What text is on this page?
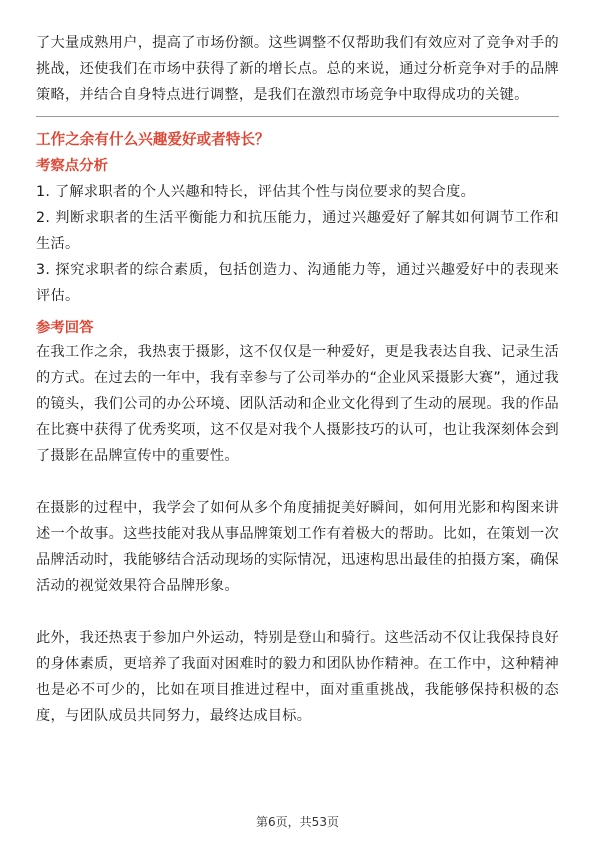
了大量成熟用户，提高了市场份额。这些调整不仅帮助我们有效应对了竞争对手的挑战，还使我们在市场中获得了新的增长点。总的来说，通过分析竞争对手的品牌策略，并结合自身特点进行调整，是我们在激烈市场竞争中取得成功的关键。

工作之余有什么兴趣爱好或者特长？
考察点分析
1. 了解求职者的个人兴趣和特长，评估其个性与岗位要求的契合度。
2. 判断求职者的生活平衡能力和抗压能力，通过兴趣爱好了解其如何调节工作和生活。
3. 探究求职者的综合素质，包括创造力、沟通能力等，通过兴趣爱好中的表现来评估。
参考回答

在我工作之余，我热衷于摄影，这不仅仅是一种爱好，更是我表达自我、记录生活的方式。在过去的一年中，我有幸参与了公司举办的“企业风采摄影大赛”，通过我的镜头，我们公司的办公环境、团队活动和企业文化得到了生动的展现。我的作品在比赛中获得了优秀奖项，这不仅是对我个人摄影技巧的认可，也让我深刻体会到了摄影在品牌宣传中的重要性。

在摄影的过程中，我学会了如何从多个角度捕捉美好瞬间，如何用光影和构图来讲述一个故事。这些技能对我从事品牌策划工作有着极大的帮助。比如，在策划一次品牌活动时，我能够结合活动现场的实际情况，迅速构思出最佳的拍摄方案，确保活动的视觉效果符合品牌形象。

此外，我还热衷于参加户外运动，特别是登山和骑行。这些活动不仅让我保持良好的身体素质，更培养了我面对困难时的毅力和团队协作精神。在工作中，这种精神也是必不可少的，比如在项目推进过程中，面对重重挑战，我能够保持积极的态度，与团队成员共同努力，最终达成目标。

第6页，共53页
